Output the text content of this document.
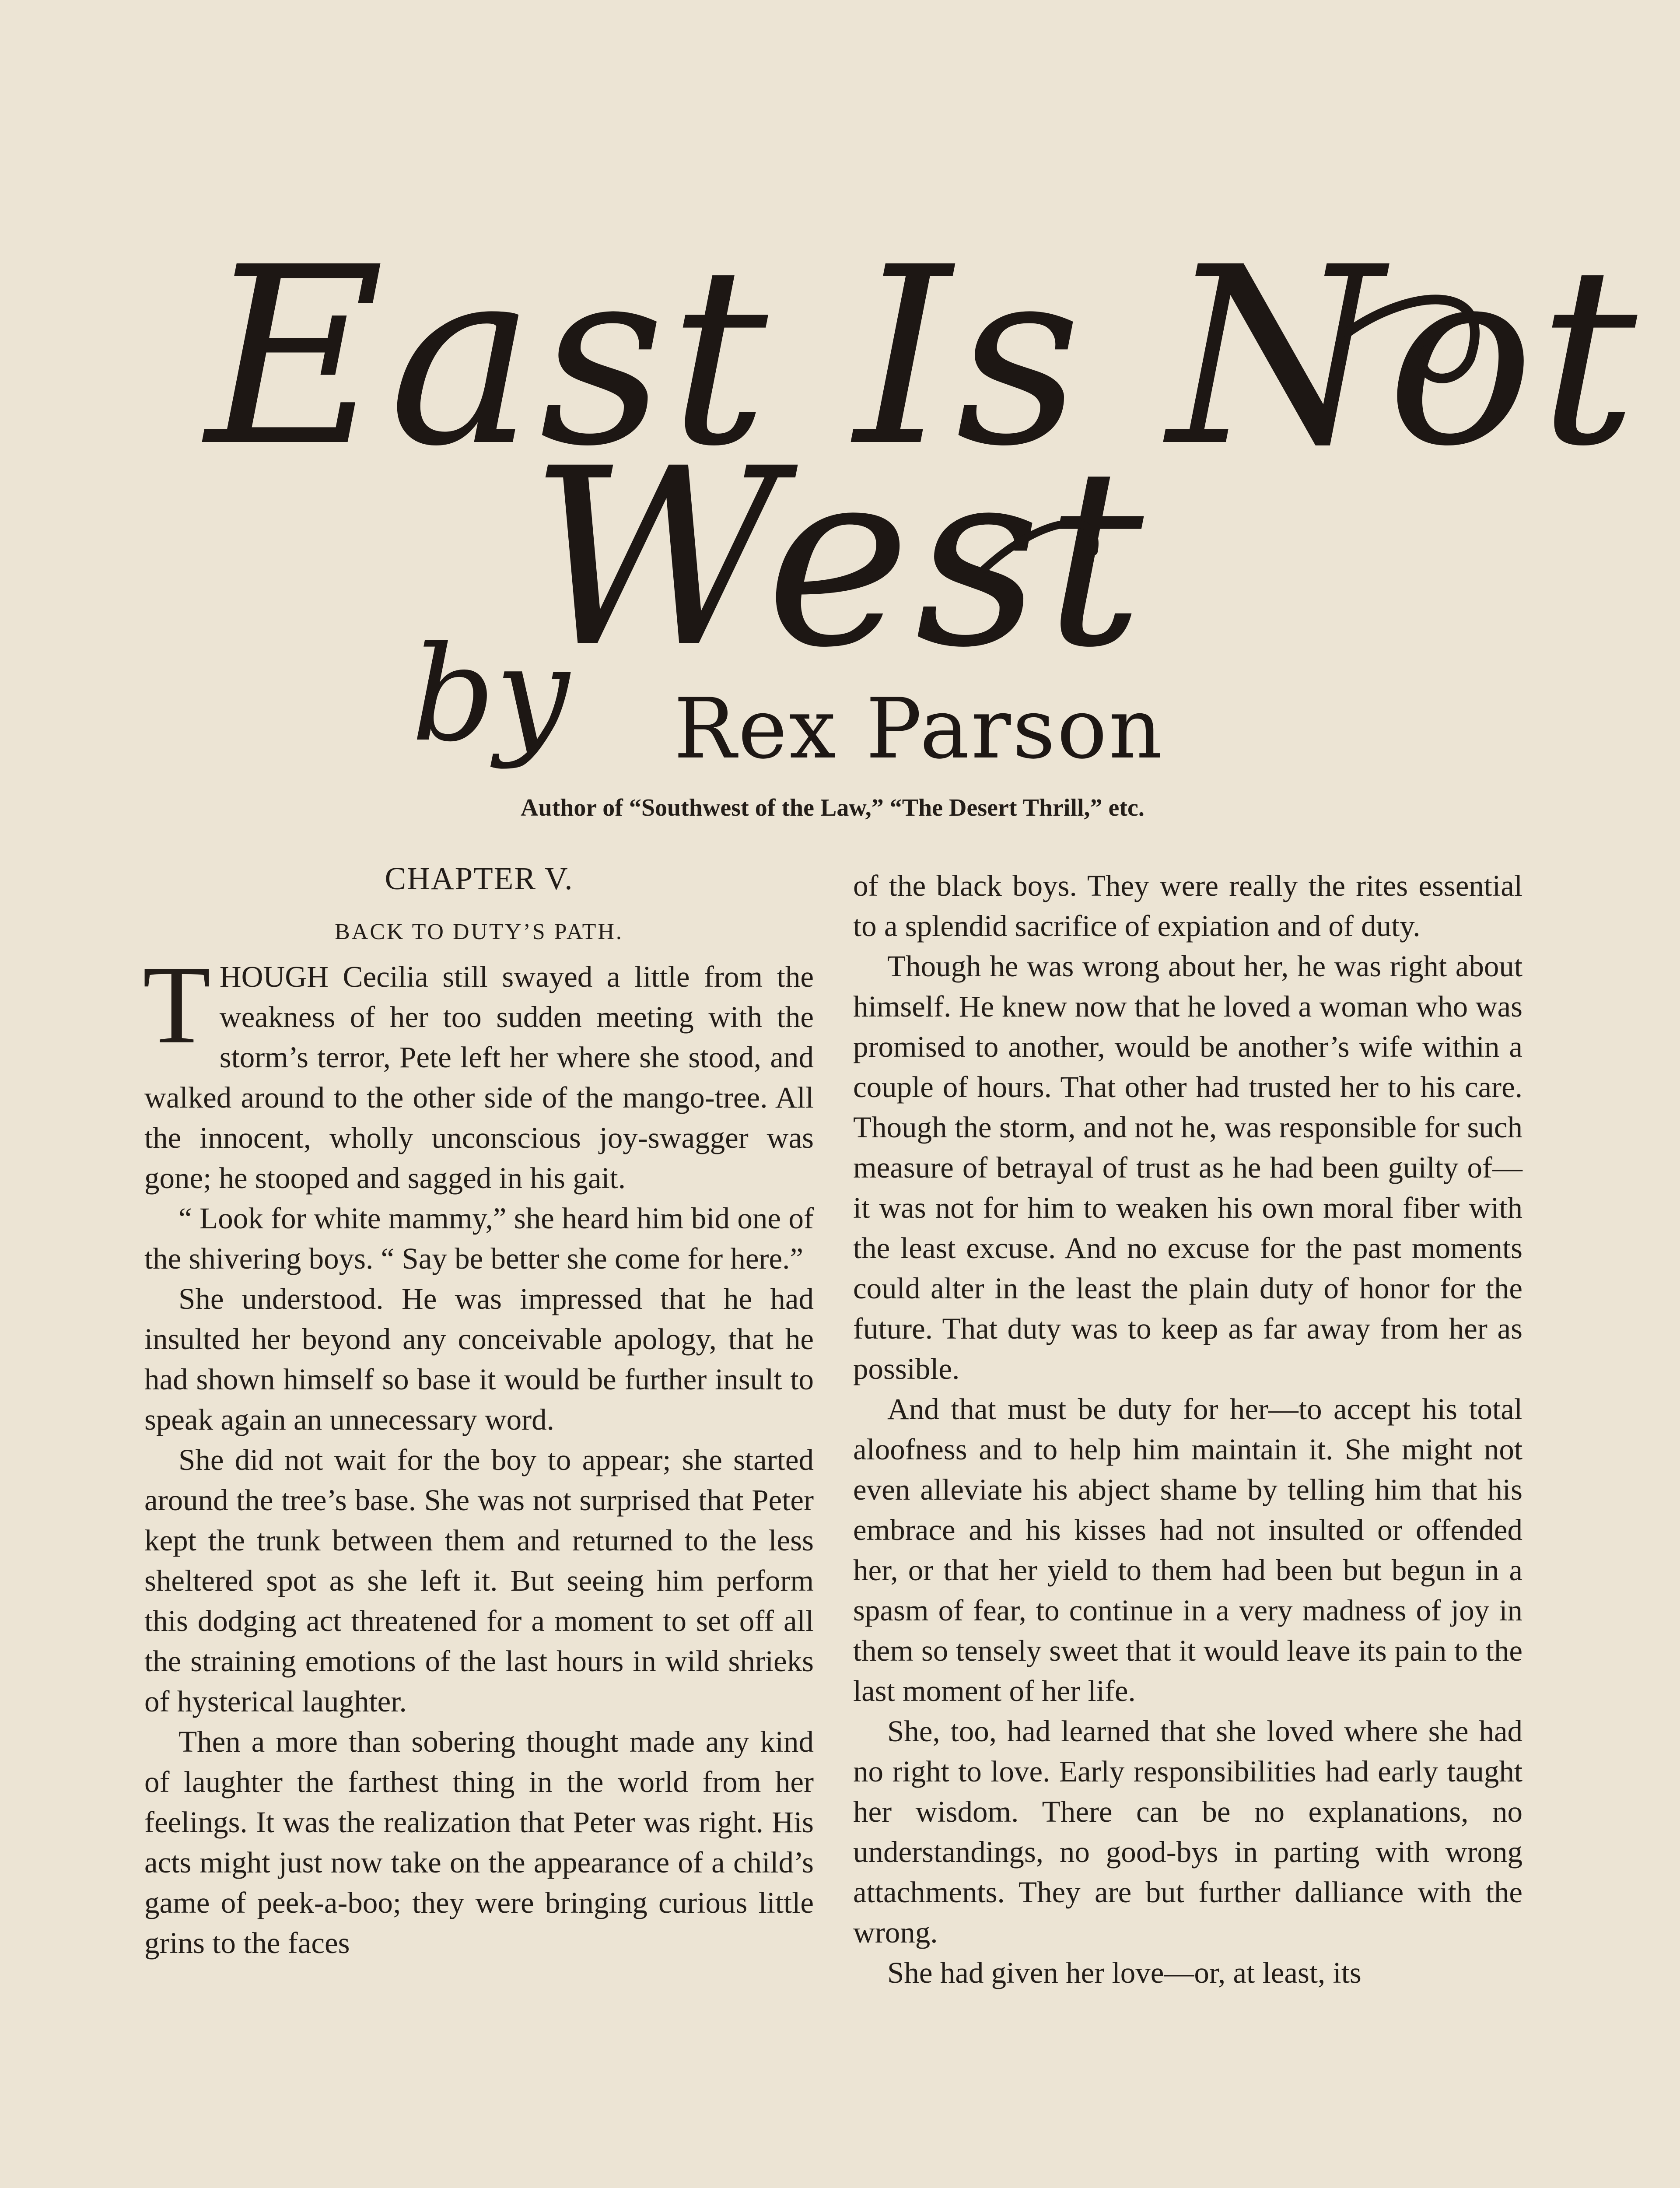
East Is Not
West
by Rex Parson
Author of “Southwest of the Law,” “The Desert Thrill,” etc.
CHAPTER V.
BACK TO DUTY’S PATH.

THOUGH Cecilia still swayed a little from the weakness of her too sudden meeting with the storm’s terror, Pete left her where she stood, and walked around to the other side of the mango-tree. All the innocent, wholly unconscious joy-swagger was gone; he stooped and sagged in his gait.

“ Look for white mammy,” she heard him bid one of the shivering boys. “ Say be better she come for here.”

She understood. He was impressed that he had insulted her beyond any conceivable apology, that he had shown himself so base it would be further insult to speak again an unnecessary word.

She did not wait for the boy to appear; she started around the tree’s base. She was not surprised that Peter kept the trunk between them and returned to the less sheltered spot as she left it. But seeing him perform this dodging act threatened for a moment to set off all the straining emotions of the last hours in wild shrieks of hysterical laughter.

Then a more than sobering thought made any kind of laughter the farthest thing in the world from her feelings. It was the realization that Peter was right. His acts might just now take on the appearance of a child’s game of peek-a-boo; they were bringing curious little grins to the faces

of the black boys. They were really the rites essential to a splendid sacrifice of expiation and of duty.

Though he was wrong about her, he was right about himself. He knew now that he loved a woman who was promised to another, would be another’s wife within a couple of hours. That other had trusted her to his care. Though the storm, and not he, was responsible for such measure of betrayal of trust as he had been guilty of—it was not for him to weaken his own moral fiber with the least excuse. And no excuse for the past moments could alter in the least the plain duty of honor for the future. That duty was to keep as far away from her as possible.

And that must be duty for her—to accept his total aloofness and to help him maintain it. She might not even alleviate his abject shame by telling him that his embrace and his kisses had not insulted or offended her, or that her yield to them had been but begun in a spasm of fear, to continue in a very madness of joy in them so tensely sweet that it would leave its pain to the last moment of her life.

She, too, had learned that she loved where she had no right to love. Early responsibilities had early taught her wisdom. There can be no explanations, no understandings, no good-bys in parting with wrong attachments. They are but further dalliance with the wrong.

She had given her love—or, at least, its
